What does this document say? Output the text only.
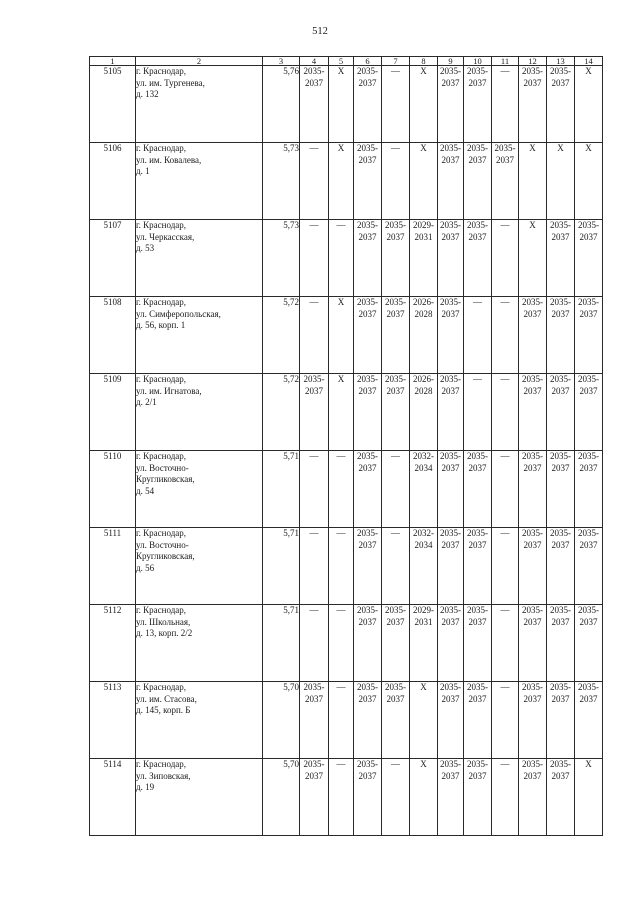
512
1	2	3	4	5	6	7	8	9	10	11	12	13	14
5105	г. Краснодар,
ул. им. Тургенева,
д. 132	5,76	2035-
2037	X	2035-
2037	—	X	2035-
2037	2035-
2037	—	2035-
2037	2035-
2037	X
5106	г. Краснодар,
ул. им. Ковалева,
д. 1	5,73	—	X	2035-
2037	—	X	2035-
2037	2035-
2037	2035-
2037	X	X	X
5107	г. Краснодар,
ул. Черкасская,
д. 53	5,73	—	—	2035-
2037	2035-
2037	2029-
2031	2035-
2037	2035-
2037	—	X	2035-
2037	2035-
2037
5108	г. Краснодар,
ул. Симферопольская,
д. 56, корп. 1	5,72	—	X	2035-
2037	2035-
2037	2026-
2028	2035-
2037	—	—	2035-
2037	2035-
2037	2035-
2037
5109	г. Краснодар,
ул. им. Игнатова,
д. 2/1	5,72	2035-
2037	X	2035-
2037	2035-
2037	2026-
2028	2035-
2037	—	—	2035-
2037	2035-
2037	2035-
2037
5110	г. Краснодар,
ул. Восточно-
Кругликовская,
д. 54	5,71	—	—	2035-
2037	—	2032-
2034	2035-
2037	2035-
2037	—	2035-
2037	2035-
2037	2035-
2037
5111	г. Краснодар,
ул. Восточно-
Кругликовская,
д. 56	5,71	—	—	2035-
2037	—	2032-
2034	2035-
2037	2035-
2037	—	2035-
2037	2035-
2037	2035-
2037
5112	г. Краснодар,
ул. Школьная,
д. 13, корп. 2/2	5,71	—	—	2035-
2037	2035-
2037	2029-
2031	2035-
2037	2035-
2037	—	2035-
2037	2035-
2037	2035-
2037
5113	г. Краснодар,
ул. им. Стасова,
д. 145, корп. Б	5,70	2035-
2037	—	2035-
2037	2035-
2037	X	2035-
2037	2035-
2037	—	2035-
2037	2035-
2037	2035-
2037
5114	г. Краснодар,
ул. Зиповская,
д. 19	5,70	2035-
2037	—	2035-
2037	—	X	2035-
2037	2035-
2037	—	2035-
2037	2035-
2037	X
